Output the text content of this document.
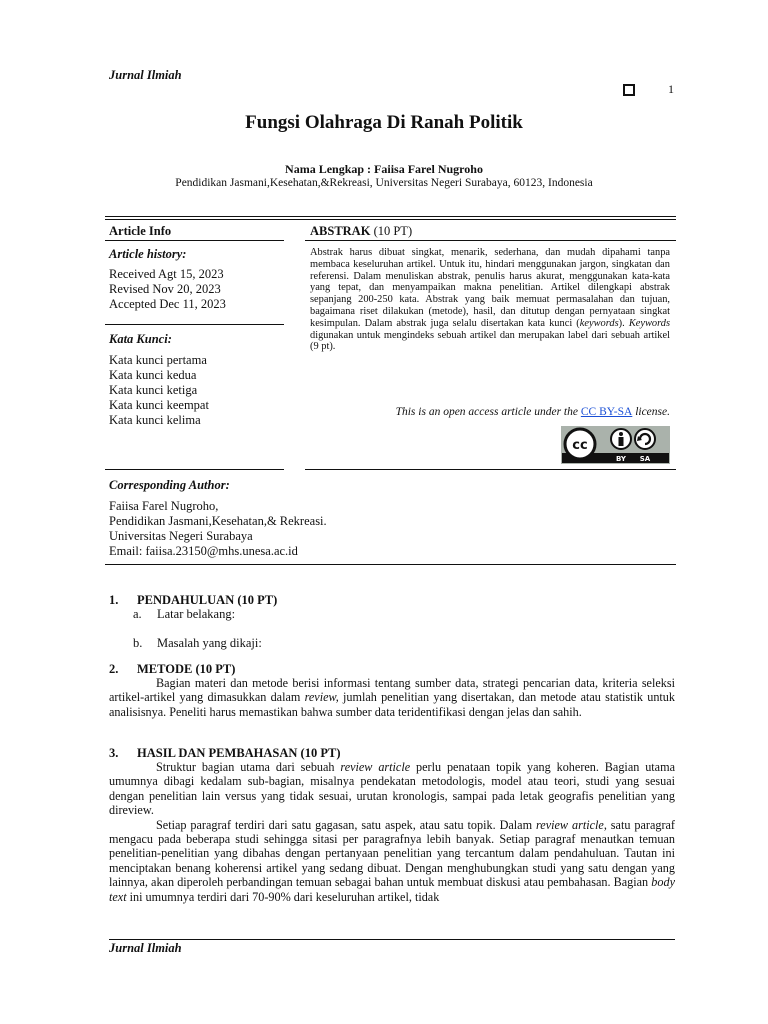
Jurnal Ilmiah
1
Fungsi Olahraga Di Ranah Politik
Nama Lengkap : Faiisa Farel Nugroho
Pendidikan Jasmani,Kesehatan,&Rekreasi, Universitas Negeri Surabaya, 60123, Indonesia
Article Info	ABSTRAK (10 PT)
Article history:
Received Agt 15, 2023
Revised Nov 20, 2023
Accepted Dec 11, 2023
Kata Kunci:
Kata kunci pertama
Kata kunci kedua
Kata kunci ketiga
Kata kunci keempat
Kata kunci kelima
Abstrak harus dibuat singkat, menarik, sederhana, dan mudah dipahami tanpa membaca keseluruhan artikel. Untuk itu, hindari menggunakan jargon, singkatan dan referensi. Dalam menuliskan abstrak, penulis harus akurat, menggunakan kata-kata yang tepat, dan menyampaikan makna penelitian. Artikel dilengkapi abstrak sepanjang 200-250 kata. Abstrak yang baik memuat permasalahan dan tujuan, bagaimana riset dilakukan (metode), hasil, dan ditutup dengan pernyataan singkat kesimpulan. Dalam abstrak juga selalu disertakan kata kunci (keywords). Keywords digunakan untuk mengindeks sebuah artikel dan merupakan label dari sebuah artikel (9 pt).
This is an open access article under the CC BY-SA license.
cc
BY SA
Corresponding Author:
Faiisa Farel Nugroho,
Pendidikan Jasmani,Kesehatan,& Rekreasi.
Universitas Negeri Surabaya
Email: faiisa.23150@mhs.unesa.ac.id
1. PENDAHULUAN (10 PT)
a. Latar belakang:
b. Masalah yang dikaji:
2. METODE (10 PT)

Bagian materi dan metode berisi informasi tentang sumber data, strategi pencarian data, kriteria seleksi artikel-artikel yang dimasukkan dalam review, jumlah penelitian yang disertakan, dan metode atau statistik untuk analisisnya. Peneliti harus memastikan bahwa sumber data teridentifikasi dengan jelas dan sahih.

3. HASIL DAN PEMBAHASAN (10 PT)

Struktur bagian utama dari sebuah review article perlu penataan topik yang koheren. Bagian utama umumnya dibagi kedalam sub-bagian, misalnya pendekatan metodologis, model atau teori, studi yang sesuai dengan penelitian lain versus yang tidak sesuai, urutan kronologis, sampai pada letak geografis penelitian yang direview.

Setiap paragraf terdiri dari satu gagasan, satu aspek, atau satu topik. Dalam review article, satu paragraf mengacu pada beberapa studi sehingga sitasi per paragrafnya lebih banyak. Setiap paragraf menautkan temuan penelitian-penelitian yang dibahas dengan pertanyaan penelitian yang tercantum dalam pendahuluan. Tautan ini menciptakan benang koherensi artikel yang sedang dibuat. Dengan menghubungkan studi yang satu dengan yang lainnya, akan diperoleh perbandingan temuan sebagai bahan untuk membuat diskusi atau pembahasan. Bagian body text ini umumnya terdiri dari 70-90% dari keseluruhan artikel, tidak

Jurnal Ilmiah
